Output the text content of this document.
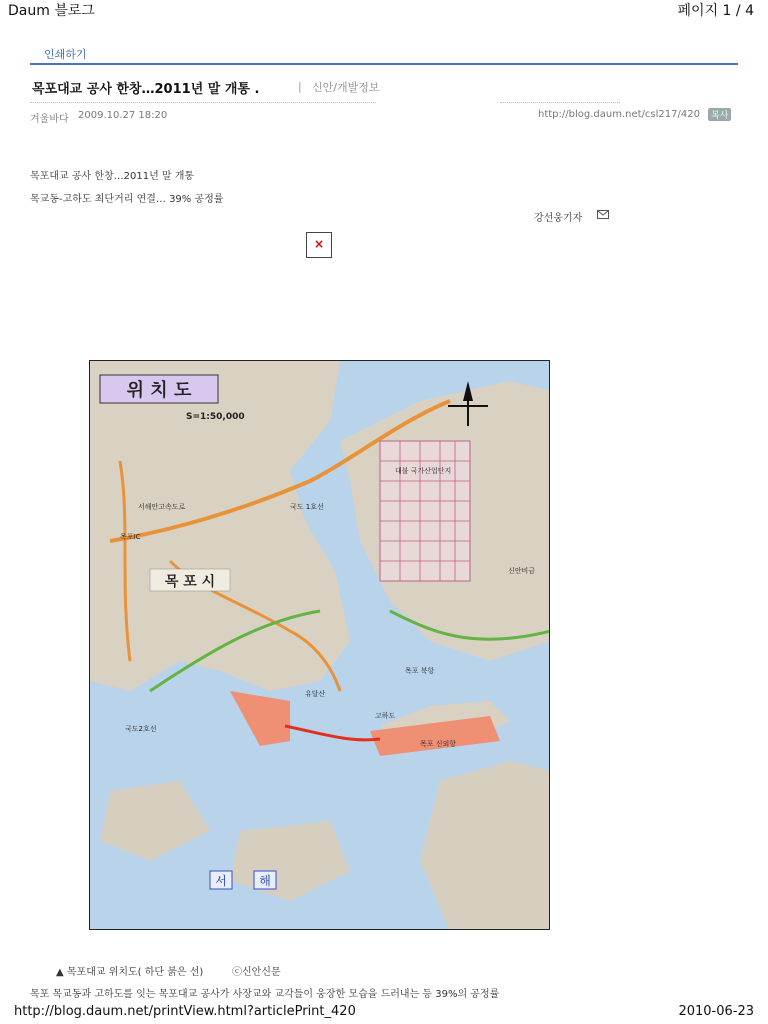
Daum 블로그	페이지 1 / 4
인쇄하기
목포대교 공사 한창…2011년 말 개통 .	| 신안/개발정보
겨울바다 2009.10.27 18:20	http://blog.daum.net/csl217/420	복사
목포대교 공사 한창…2011년 말 개통
목교동-고하도 최단거리 연결… 39% 공정률
강선웅기자
×
위 치 도
S=1:50,000
목 포 시
목포IC
국도 1호선
국도2호선
서해안고속도로
대불 국가산업단지
고하도
유달산
목포 북항
목포 신외항
신안비금
서	해
▲ 목포대교 위치도( 하단 붉은 선)	ⓒ신안신문
목포 목교동과 고하도를 잇는 목포대교 공사가 사장교와 교각들이 웅장한 모습을 드러내는 등 39%의 공정률
http://blog.daum.net/printView.html?articlePrint_420	2010-06-23
